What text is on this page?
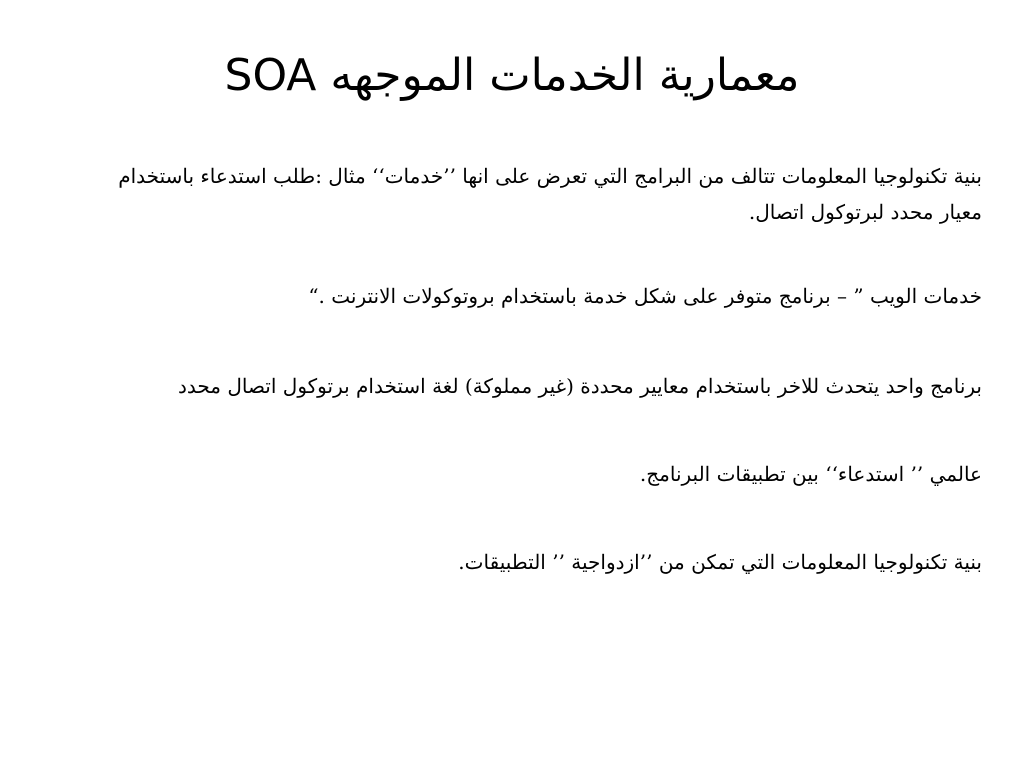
معمارية الخدمات الموجهه SOA

بنية تكنولوجيا المعلومات تتالف من البرامج التي تعرض على انها ’’خدمات‘‘ مثال :طلب استدعاء باستخدام معيار محدد لبرتوكول اتصال.

خدمات الويب ” – برنامج متوفر على شكل خدمة باستخدام بروتوكولات الانترنت .“

برنامج واحد يتحدث للاخر باستخدام معايير محددة (غير مملوكة) لغة استخدام برتوكول اتصال محدد

عالمي ’’ استدعاء‘‘ بين تطبيقات البرنامج.

بنية تكنولوجيا المعلومات التي تمكن من ’’ازدواجية ’’ التطبيقات.
